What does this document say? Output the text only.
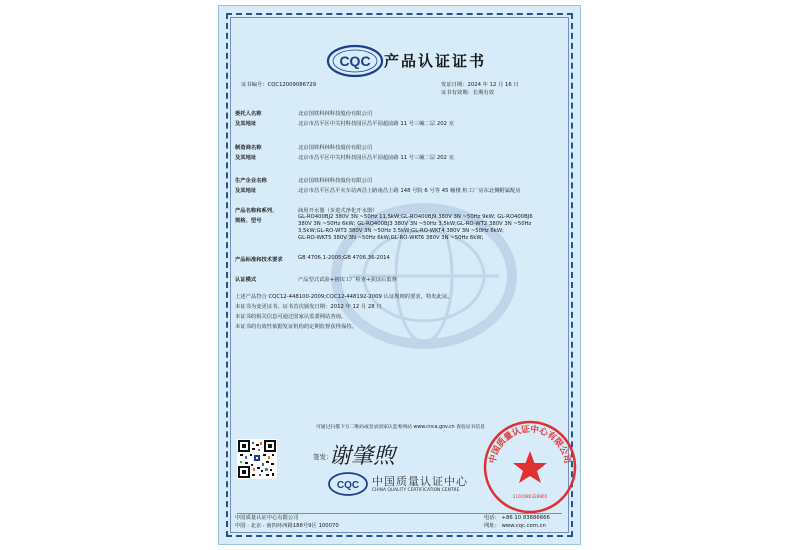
CQC 产品认证证书
证书编号：CQC12009086729	发证日期：2024 年 12 月 16 日
证书有效期：长期有效
委托人名称
及其地址
制造商名称
及其地址
生产企业名称
及其地址
产品名称和系列、
规格、型号
产品标准和技术要求
认证模式
北京国铁科林科技股份有限公司
北京市昌平区中关村科技园区昌平园超前路 11 号三幢二层 202 室
北京国铁科林科技股份有限公司
北京市昌平区中关村科技园区昌平园超前路 11 号三幢二层 202 室
北京国铁科林科技股份有限公司
北京市昌平区昌平火车站西昌土路南昌土路 148 号院 6 号等 45 幢楼 桩工厂房东北侧附属配房
商用开水器（步进式净化开水器）
GL-RO400BJ2 380V 3N ~50Hz 11.5kW;GL-RO400BJ9 380V 3N ~50Hz 9kW; GL-RO400BJ6
380V 3N ~50Hz 6kW; GL-RO400BJ3 380V 3N ~50Hz 3.5kW;GL-RO-WT2 380V 3N ~50Hz
3.5kW;GL-RO-WT3 380V 3N ~50Hz 3.5kW;GL-RO-WKT4 380V 3N ~50Hz 6kW;
GL-RO-WKT5 380V 3N ~50Hz 6kW;GL-RO-WKT6 380V 3N ~50Hz 6kW;
GB 4706.1-2005;GB 4706.36-2014
产品型式试验+初次工厂检查+获证后监督
上述产品符合 CQC12-448100-2009;CQC12-448192-2009 认证规则的要求，特发此证。
本证书为变更证书，证书首次颁发日期：2012 年 12 月 28 日
本证书的相关信息可通过国家认监委网站查询。
本证书的有效性依据发证机构的定期监督获得保持。
可通过扫描下方二维码或登录国家认监委网站 www.cnca.gov.cn 查验证书信息
签发：
谢肇煦
CQC 中国质量认证中心
CHINA QUALITY CERTIFICATION CENTRE
中国质量认证中心有限公司
1101080328865
中国质量认证中心有限公司
中国 · 北京 · 南四环西路188号9区 100070
电话： +86 10 83886666
网址： www.cqc.com.cn
